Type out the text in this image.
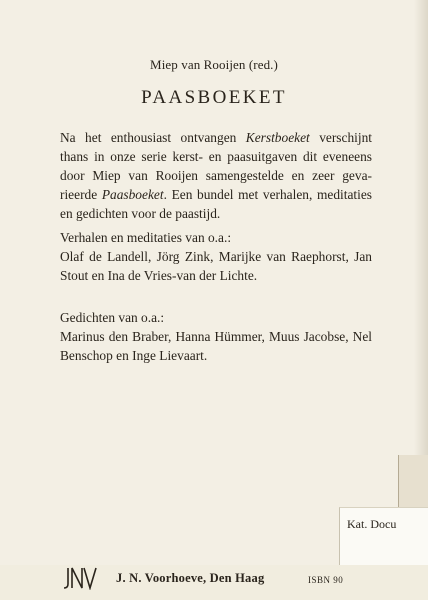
Miep van Rooijen (red.)
PAASBOEKET

Na het enthousiast ontvangen Kerstboeket verschijnt thans in onze serie kerst- en paasuitgaven dit eveneens door Miep van Rooijen samengestelde en zeer gevarieerde Paasboeket. Een bundel met verhalen, meditaties en gedichten voor de paastijd.

Verhalen en meditaties van o.a.:

Olaf de Landell, Jörg Zink, Marijke van Raephorst, Jan Stout en Ina de Vries-van der Lichte.

Gedichten van o.a.:

Marinus den Braber, Hanna Hümmer, Muus Jacobse, Nel Benschop en Inge Lievaart.

Kat. Docu
J. N. Voorhoeve, Den Haag	ISBN 90
